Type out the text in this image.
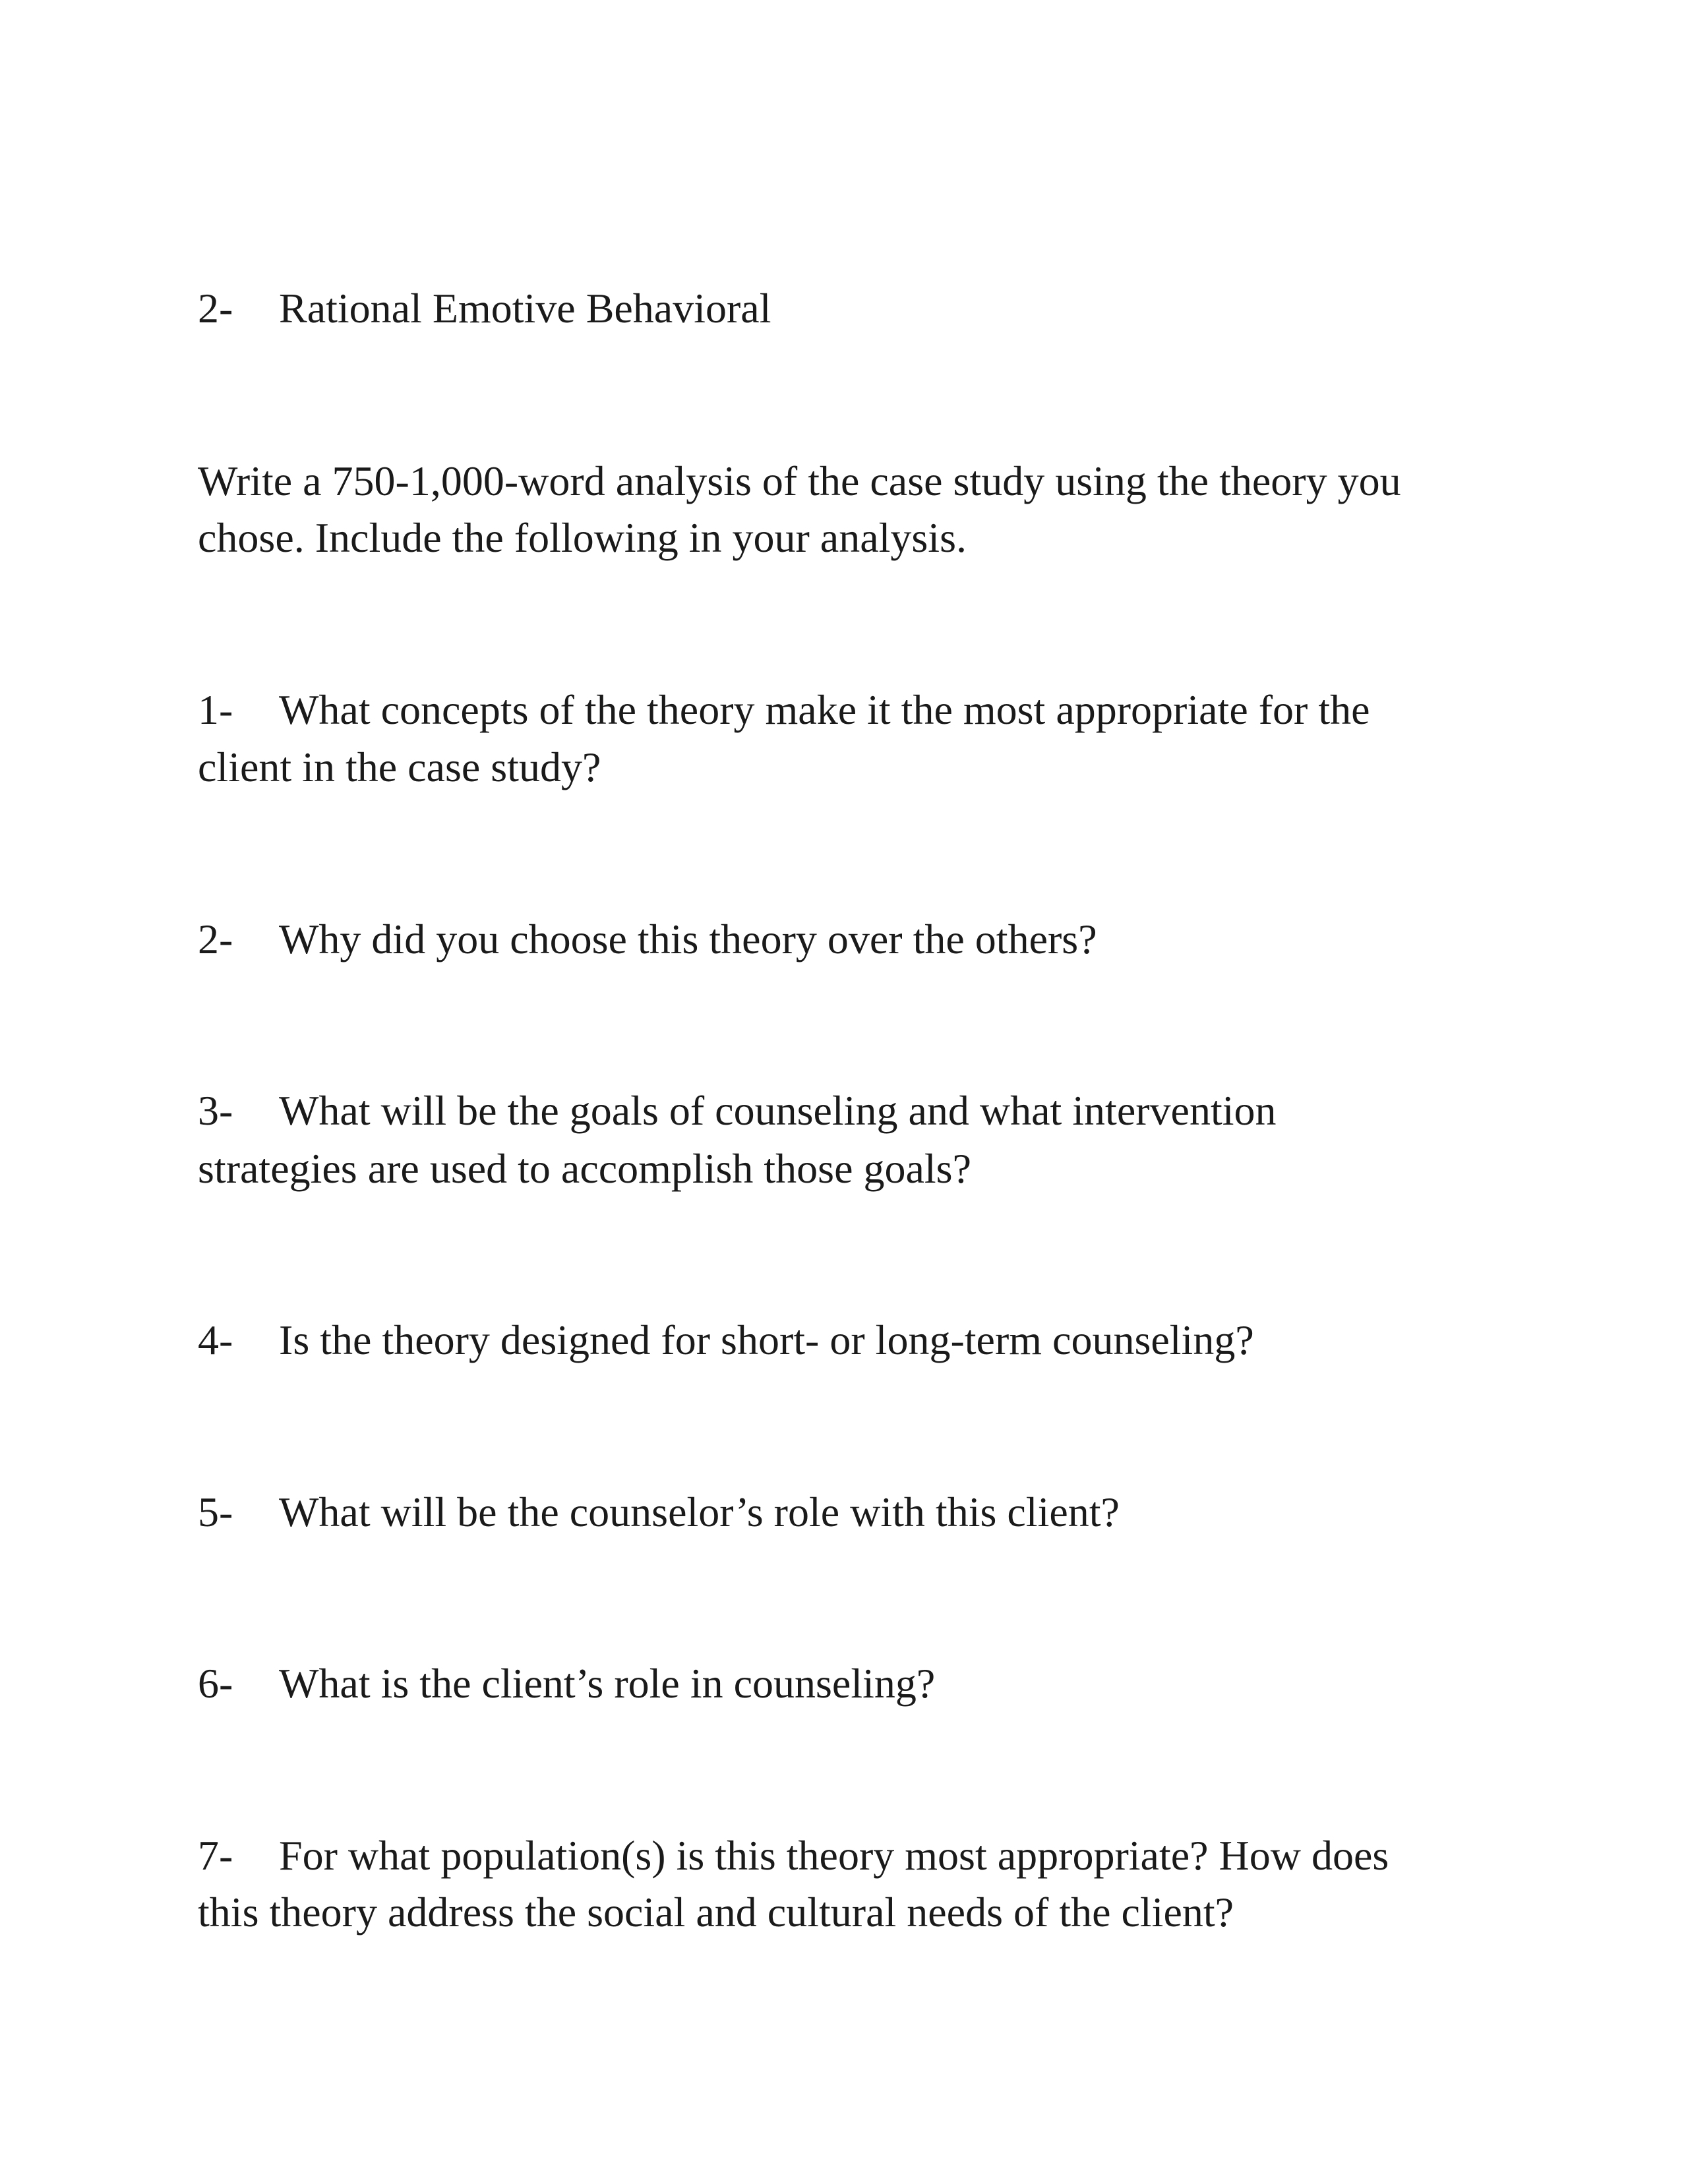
2- Rational Emotive Behavioral
Write a 750-1,000-word analysis of the case study using the theory you
chose. Include the following in your analysis.
1- What concepts of the theory make it the most appropriate for the
client in the case study?
2- Why did you choose this theory over the others?
3- What will be the goals of counseling and what intervention
strategies are used to accomplish those goals?
4- Is the theory designed for short- or long-term counseling?
5- What will be the counselor’s role with this client?
6- What is the client’s role in counseling?
7- For what population(s) is this theory most appropriate? How does
this theory address the social and cultural needs of the client?
